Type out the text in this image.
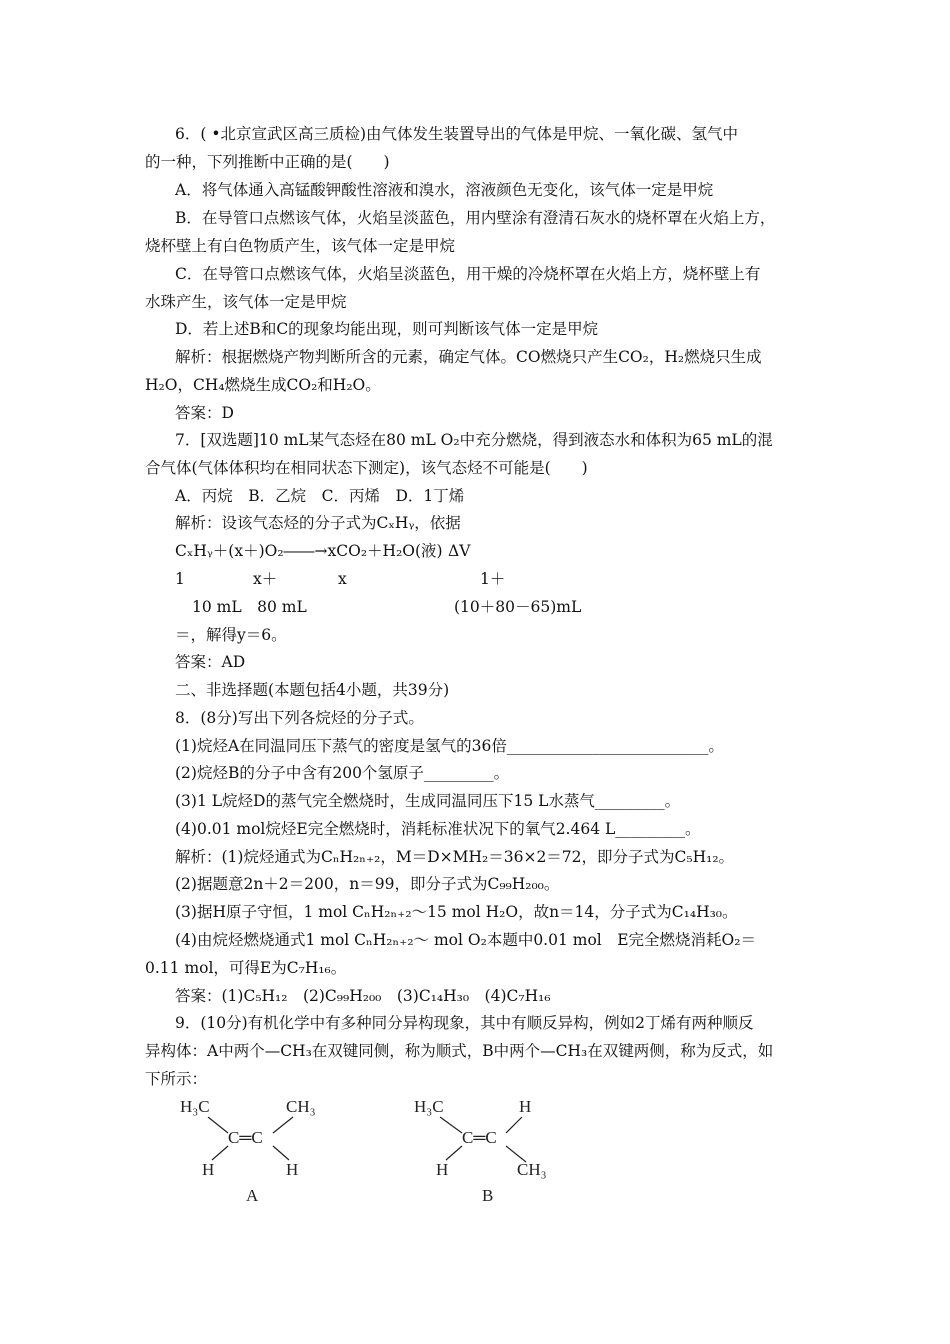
6．( •北京宣武区高三质检)由气体发生装置导出的气体是甲烷、一氧化碳、氢气中
的一种，下列推断中正确的是(　　)
A．将气体通入高锰酸钾酸性溶液和溴水，溶液颜色无变化，该气体一定是甲烷
B．在导管口点燃该气体，火焰呈淡蓝色，用内壁涂有澄清石灰水的烧杯罩在火焰上方，
烧杯壁上有白色物质产生，该气体一定是甲烷
C．在导管口点燃该气体，火焰呈淡蓝色，用干燥的冷烧杯罩在火焰上方，烧杯壁上有
水珠产生，该气体一定是甲烷
D．若上述B和C的现象均能出现，则可判断该气体一定是甲烷
解析：根据燃烧产物判断所含的元素，确定气体。CO燃烧只产生CO₂，H₂燃烧只生成
H₂O，CH₄燃烧生成CO₂和H₂O。
答案：D
7．[双选题]10 mL某气态烃在80 mL O₂中充分燃烧，得到液态水和体积为65 mL的混
合气体(气体体积均在相同状态下测定)，该气态烃不可能是(　　)
A．丙烷　B．乙烷　C．丙烯　D．1丁烯
解析：设该气态烃的分子式为CₓHᵧ，依据
CₓHᵧ＋(x＋)O₂――→xCO₂＋H₂O(液) ΔV
1	x＋	x	1＋
10 mL　80 mL	(10＋80－65)mL
＝，解得y＝6。
答案：AD
二、非选择题(本题包括4小题，共39分)
8．(8分)写出下列各烷烃的分子式。
(1)烷烃A在同温同压下蒸气的密度是氢气的36倍__________________________。
(2)烷烃B的分子中含有200个氢原子_________。
(3)1 L烷烃D的蒸气完全燃烧时，生成同温同压下15 L水蒸气_________。
(4)0.01 mol烷烃E完全燃烧时，消耗标准状况下的氧气2.464 L_________。
解析：(1)烷烃通式为CₙH₂ₙ₊₂，M＝D×MH₂＝36×2＝72，即分子式为C₅H₁₂。
(2)据题意2n＋2＝200，n＝99，即分子式为C₉₉H₂₀₀。
(3)据H原子守恒，1 mol CₙH₂ₙ₊₂～15 mol H₂O，故n＝14，分子式为C₁₄H₃₀。
(4)由烷烃燃烧通式1 mol CₙH₂ₙ₊₂～ mol O₂本题中0.01 mol　E完全燃烧消耗O₂＝
0.11 mol，可得E为C₇H₁₆。
答案：(1)C₅H₁₂　(2)C₉₉H₂₀₀　(3)C₁₄H₃₀　(4)C₇H₁₆
9．(10分)有机化学中有多种同分异构现象，其中有顺反异构，例如2丁烯有两种顺反
异构体：A中两个—CH₃在双键同侧，称为顺式，B中两个—CH₃在双键两侧，称为反式，如
下所示：
H₃C	CH₃
C═C
H	H
A
H₃C	H
C═C
H	CH₃
B
